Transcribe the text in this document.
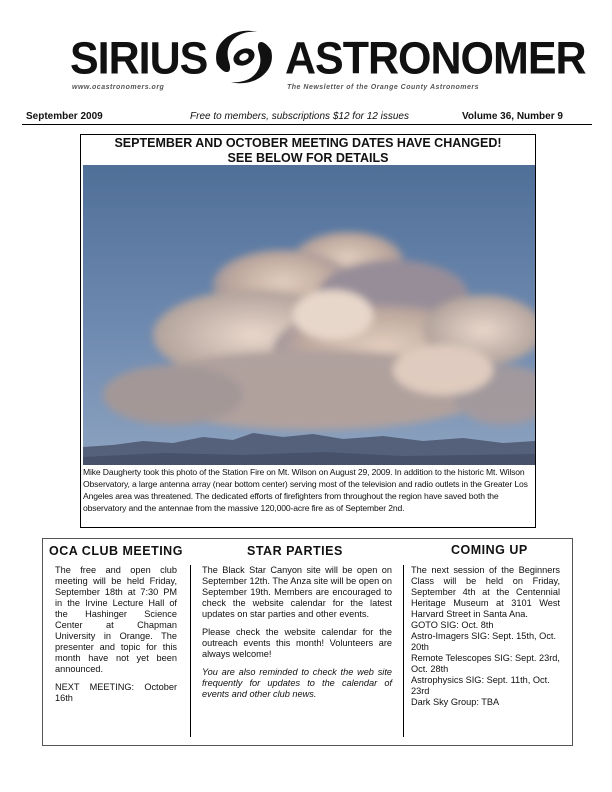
SIRIUS ASTRONOMER
www.ocastronomers.org	The Newsletter of the Orange County Astronomers
September 2009	Free to members, subscriptions $12 for 12 issues	Volume 36, Number 9
SEPTEMBER AND OCTOBER MEETING DATES HAVE CHANGED!
SEE BELOW FOR DETAILS
Mike Daugherty took this photo of the Station Fire on Mt. Wilson on August 29, 2009. In addition to the historic Mt. Wilson Observatory, a large antenna array (near bottom center) serving most of the television and radio outlets in the Greater Los Angeles area was threatened. The dedicated efforts of firefighters from throughout the region have saved both the observatory and the antennae from the massive 120,000-acre fire as of September 2nd.
OCA CLUB MEETING

The free and open club meeting will be held Friday, September 18th at 7:30 PM in the Irvine Lecture Hall of the Hashinger Science Center at Chapman University in Orange. The presenter and topic for this month have not yet been announced.

NEXT MEETING: October 16th

STAR PARTIES

The Black Star Canyon site will be open on September 12th. The Anza site will be open on September 19th. Members are encouraged to check the website calendar for the latest updates on star parties and other events.

Please check the website calendar for the outreach events this month! Volunteers are always welcome!

You are also reminded to check the web site frequently for updates to the calendar of events and other club news.

COMING UP
The next session of the Beginners Class will be held on Friday, September 4th at the Centennial Heritage Museum at 3101 West Harvard Street in Santa Ana.
GOTO SIG: Oct. 8th
Astro-Imagers SIG: Sept. 15th, Oct. 20th
Remote Telescopes SIG: Sept. 23rd, Oct. 28th
Astrophysics SIG: Sept. 11th, Oct. 23rd
Dark Sky Group: TBA
